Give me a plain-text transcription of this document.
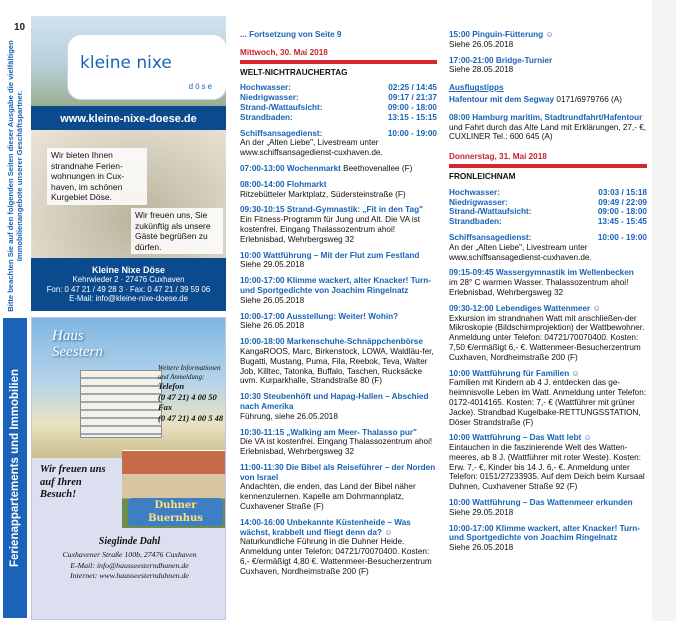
10
Bitte beachten Sie auf den folgenden Seiten dieser Ausgabe die vielfältigen Immobilienangebote unserer Geschäftspartner.
Ferienappartements und Immobilien
kleine nixe
döse
www.kleine-nixe-doese.de
Wir bieten Ihnen strandnahe Ferien-wohnungen in Cux-haven, im schönen Kurgebiet Döse.
Wir freuen uns, Sie zukünftig als unsere Gäste begrüßen zu dürfen.
Kleine Nixe Döse
Kehrwieder 2 · 27476 Cuxhaven
Fon: 0 47 21 / 49 28 3 · Fax: 0 47 21 / 39 59 06
E-Mail: info@kleine-nixe-doese.de
Haus
Seestern
Weitere Informationen und Anmeldung:
Telefon
(0 47 21) 4 00 50
Fax
(0 47 21) 4 00 5 48
Duhner
Buernhus
Wir freuen uns auf Ihren Besuch!
Sieglinde Dahl
Cuxhavener Straße 100b, 27476 Cuxhaven
E-Mail: info@hausseesterndhunen.de
Internet: www.hausseesternduhnen.de
... Fortsetzung von Seite 9
Mittwoch, 30. Mai 2018
WELT-NICHTRAUCHERTAG
Hochwasser:	02:25 / 14:45
Niedrigwasser:	09:17 / 21:37
Strand-/Wattaufsicht:	09:00 - 18:00
Strandbaden:	13:15 - 15:15
Schiffsansagedienst:	10:00 - 19:00
An der „Alten Liebe", Livestream unter www.schiffsansagedienst-cuxhaven.de.
07:00-13:00 Wochenmarkt Beethovenallee (F)
08:00-14:00 Flohmarkt
Ritzebütteler Marktplatz, Südersteinstraße (F)
09:30-10:15 Strand-Gymnastik: „Fit in den Tag"
Ein Fitness-Programm für Jung und Alt. Die VA ist kostenfrei. Eingang Thalassozentrum ahoi! Erlebnisbad, Wehrbergsweg 32
10:00 Wattführung – Mit der Flut zum Festland
Siehe 29.05.2018
10:00-17:00 Klimme wackert, alter Knacker! Turn- und Sportgedichte von Joachim Ringelnatz
Siehe 26.05.2018
10:00-17:00 Ausstellung: Weiter! Wohin?
Siehe 26.05.2018
10:00-18:00 Markenschuhe-Schnäppchenbörse
KangaROOS, Marc, Birkenstock, LOWA, Waldläu-fer, Bugatti, Mustang, Puma, Fila, Reebok, Teva, Walter Job, Killtec, Tatonka, Buffalo, Taschen, Rucksäcke uvm. Kurparkhalle, Strandstraße 80 (F)
10:30 Steubenhöft und Hapag-Hallen – Abschied nach Amerika
Führung, siehe 26.05.2018
10:30-11:15 „Walking am Meer- Thalasso pur"
Die VA ist kostenfrei. Eingang Thalassozentrum ahoi! Erlebnisbad, Wehrbergsweg 32
11:00-11:30 Die Bibel als Reiseführer – der Norden von Israel
Andachten, die enden, das Land der Bibel näher kennenzulernen. Kapelle am Dohrmannplatz, Cuxhavener Straße (F)
14:00-16:00 Unbekannte Küstenheide – Was wächst, krabbelt und fliegt denn da? ☺
Naturkundliche Führung in die Duhner Heide. Anmeldung unter Telefon: 04721/70070400. Kosten: 6,- €/ermäßigt 4,80 €. Wattenmeer-Besucherzentrum Cuxhaven, Nordheimstraße 200 (F)
15:00 Pinguin-Fütterung ☺
Siehe 26.05.2018
17:00-21:00 Bridge-Turnier
Siehe 28.05.2018
Ausflugstipps
Hafentour mit dem Segway 0171/6979766 (A)
08:00 Hamburg maritim, Stadtrundfahrt/Hafentour
und Fahrt durch das Alte Land mit Erklärungen, 27,- €, CUXLINER Tel.: 600 645 (A)
Donnerstag, 31. Mai 2018
FRONLEICHNAM
Hochwasser:	03:03 / 15:18
Niedrigwasser:	09:49 / 22:09
Strand-/Wattaufsicht:	09:00 - 18:00
Strandbaden:	13:45 - 15:45
Schiffsansagedienst:	10:00 - 19:00
An der „Alten Liebe", Livestream unter www.schiffsansagedienst-cuxhaven.de.
09:15-09:45 Wassergymnastik im Wellenbecken
im 28° C warmen Wasser. Thalassozentrum ahoi! Erlebnisbad, Wehrbergsweg 32
09:30-12:00 Lebendiges Wattenmeer ☺
Exkursion im strandnahen Watt mit anschließen-der Mikroskopie (Bildschirmprojektion) der Wattbewohner. Anmeldung unter Telefon: 04721/70070400. Kosten: 7,50 €/ermäßigt 6,- €. Wattenmeer-Besucherzentrum Cuxhaven, Nordheimstraße 200 (F)
10:00 Wattführung für Familien ☺
Familien mit Kindern ab 4 J. entdecken das ge-heimnisvolle Leben im Watt. Anmeldung unter Telefon: 0172-4014165. Kosten: 7,- € (Wattführer mit grüner Jacke). Strandbad Kugelbake-RETTUNGSSTATION, Döser Strandstraße (F)
10:00 Wattführung – Das Watt lebt ☺
Eintauchen in die faszinierende Welt des Watten-meeres, ab 8 J. (Wattführer mit roter Weste). Kosten: Erw. 7,- €, Kinder bis 14 J. 6,- €. Anmeldung unter Telefon: 0151/27233935. Auf dem Deich beim Kursaal Duhnen, Cuxhavener Straße 92 (F)
10:00 Wattführung – Das Wattenmeer erkunden
Siehe 29.05.2018
10:00-17:00 Klimme wackert, alter Knacker! Turn- und Sportgedichte von Joachim Ringelnatz
Siehe 26.05.2018
